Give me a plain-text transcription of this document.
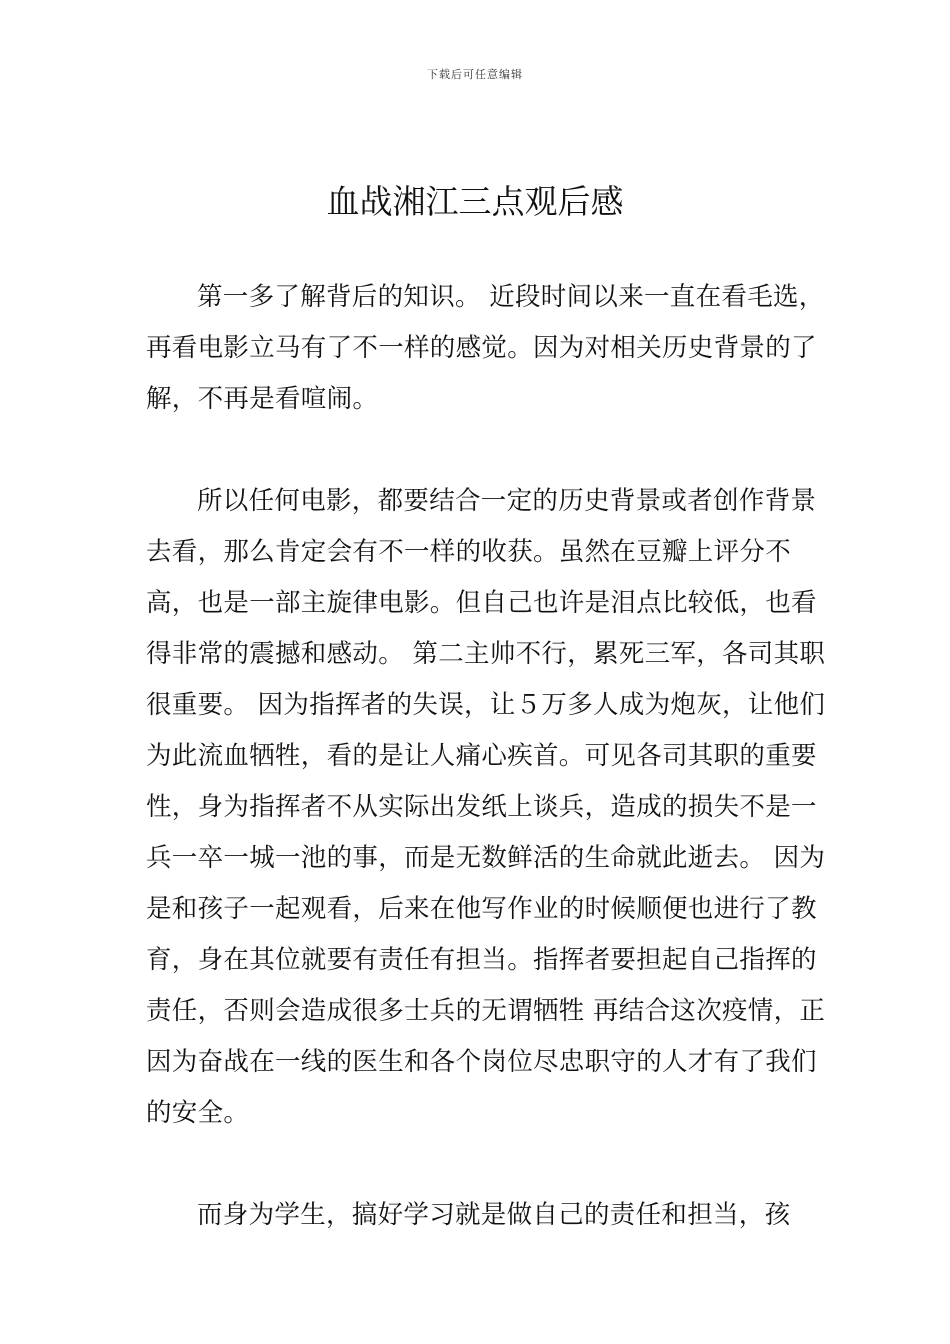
下载后可任意编辑
血战湘江三点观后感

第一多了解背后的知识。 近段时间以来一直在看毛选，再看电影立马有了不一样的感觉。因为对相关历史背景的了解，不再是看喧闹。

所以任何电影，都要结合一定的历史背景或者创作背景去看，那么肯定会有不一样的收获。虽然在豆瓣上评分不高，也是一部主旋律电影。但自己也许是泪点比较低，也看得非常的震撼和感动。 第二主帅不行，累死三军，各司其职很重要。 因为指挥者的失误，让５万多人成为炮灰，让他们为此流血牺牲，看的是让人痛心疾首。可见各司其职的重要性，身为指挥者不从实际出发纸上谈兵，造成的损失不是一兵一卒一城一池的事，而是无数鲜活的生命就此逝去。 因为是和孩子一起观看，后来在他写作业的时候顺便也进行了教育，身在其位就要有责任有担当。指挥者要担起自己指挥的责任，否则会造成很多士兵的无谓牺牲 再结合这次疫情，正因为奋战在一线的医生和各个岗位尽忠职守的人才有了我们的安全。

而身为学生，搞好学习就是做自己的责任和担当，孩
